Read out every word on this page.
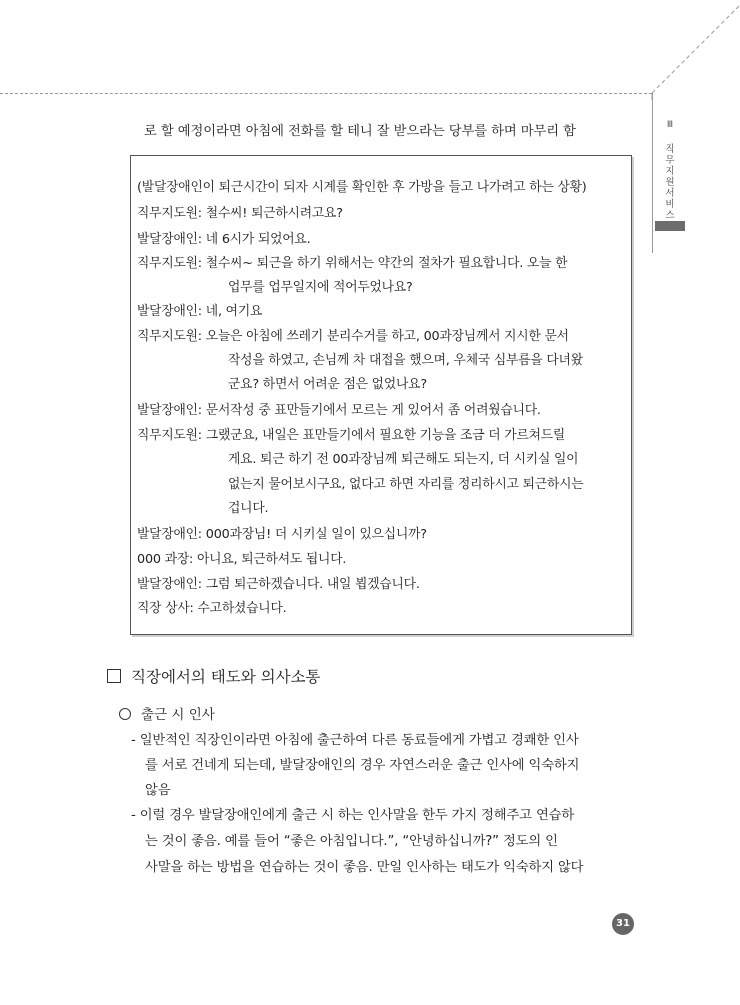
Ⅲ
직
무
지
원
서
비
스
로 할 예정이라면 아침에 전화를 할 테니 잘 받으라는 당부를 하며 마무리 함
(발달장애인이 퇴근시간이 되자 시계를 확인한 후 가방을 들고 나가려고 하는 상황)
직무지도원: 철수씨! 퇴근하시려고요?
발달장애인: 네 6시가 되었어요.
직무지도원: 철수씨~ 퇴근을 하기 위해서는 약간의 절차가 필요합니다. 오늘 한
업무를 업무일지에 적어두었나요?
발달장애인: 네, 여기요
직무지도원: 오늘은 아침에 쓰레기 분리수거를 하고, 00과장님께서 지시한 문서
작성을 하였고, 손님께 차 대접을 했으며, 우체국 심부름을 다녀왔
군요? 하면서 어려운 점은 없었나요?
발달장애인: 문서작성 중 표만들기에서 모르는 게 있어서 좀 어려웠습니다.
직무지도원: 그랬군요, 내일은 표만들기에서 필요한 기능을 조금 더 가르쳐드릴
게요. 퇴근 하기 전 00과장님께 퇴근해도 되는지, 더 시키실 일이
없는지 물어보시구요, 없다고 하면 자리를 정리하시고 퇴근하시는
겁니다.
발달장애인: 000과장님! 더 시키실 일이 있으십니까?
000 과장: 아니요, 퇴근하셔도 됩니다.
발달장애인: 그럼 퇴근하겠습니다. 내일 뵙겠습니다.
직장 상사: 수고하셨습니다.
직장에서의 태도와 의사소통
출근 시 인사
- 일반적인 직장인이라면 아침에 출근하여 다른 동료들에게 가볍고 경쾌한 인사
를 서로 건네게 되는데, 발달장애인의 경우 자연스러운 출근 인사에 익숙하지
않음
- 이럴 경우 발달장애인에게 출근 시 하는 인사말을 한두 가지 정해주고 연습하
는 것이 좋음. 예를 들어 “좋은 아침입니다.”, “안녕하십니까?” 정도의 인
사말을 하는 방법을 연습하는 것이 좋음. 만일 인사하는 태도가 익숙하지 않다
31
